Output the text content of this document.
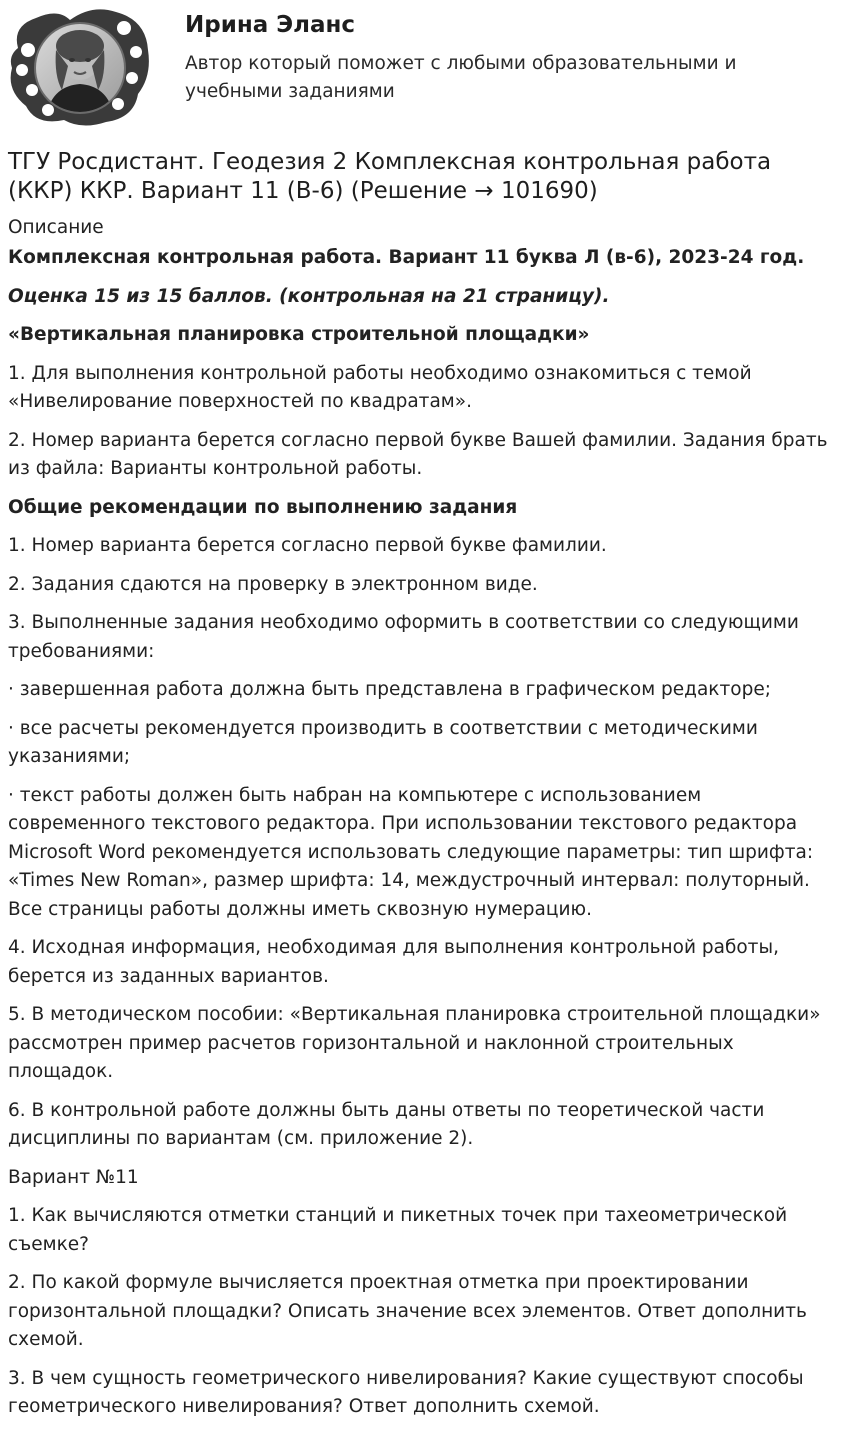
Ирина Эланс
Автор который поможет с любыми образовательными и учебными заданиями
ТГУ Росдистант. Геодезия 2 Комплексная контрольная работа (ККР) ККР. Вариант 11 (В-6) (Решение → 101690)
Описание

Комплексная контрольная работа. Вариант 11 буква Л (в-6), 2023-24 год.

Оценка 15 из 15 баллов. (контрольная на 21 страницу).

«Вертикальная планировка строительной площадки»

1. Для выполнения контрольной работы необходимо ознакомиться с темой «Нивелирование поверхностей по квадратам».

2. Номер варианта берется согласно первой букве Вашей фамилии. Задания брать из файла: Варианты контрольной работы.

Общие рекомендации по выполнению задания

1. Номер варианта берется согласно первой букве фамилии.

2. Задания сдаются на проверку в электронном виде.

3. Выполненные задания необходимо оформить в соответствии со следующими требованиями:

· завершенная работа должна быть представлена в графическом редакторе;

· все расчеты рекомендуется производить в соответствии с методическими указаниями;

· текст работы должен быть набран на компьютере с использованием современного текстового редактора. При использовании текстового редактора Microsoft Word рекомендуется использовать следующие параметры: тип шрифта: «Times New Roman», размер шрифта: 14, междустрочный интервал: полуторный. Все страницы работы должны иметь сквозную нумерацию.

4. Исходная информация, необходимая для выполнения контрольной работы, берется из заданных вариантов.

5. В методическом пособии: «Вертикальная планировка строительной площадки» рассмотрен пример расчетов горизонтальной и наклонной строительных площадок.

6. В контрольной работе должны быть даны ответы по теоретической части дисциплины по вариантам (см. приложение 2).

Вариант №11

1. Как вычисляются отметки станций и пикетных точек при тахеометрической съемке?

2. По какой формуле вычисляется проектная отметка при проектировании горизонтальной площадки? Описать значение всех элементов. Ответ дополнить схемой.

3. В чем сущность геометрического нивелирования? Какие существуют способы геометрического нивелирования? Ответ дополнить схемой.
